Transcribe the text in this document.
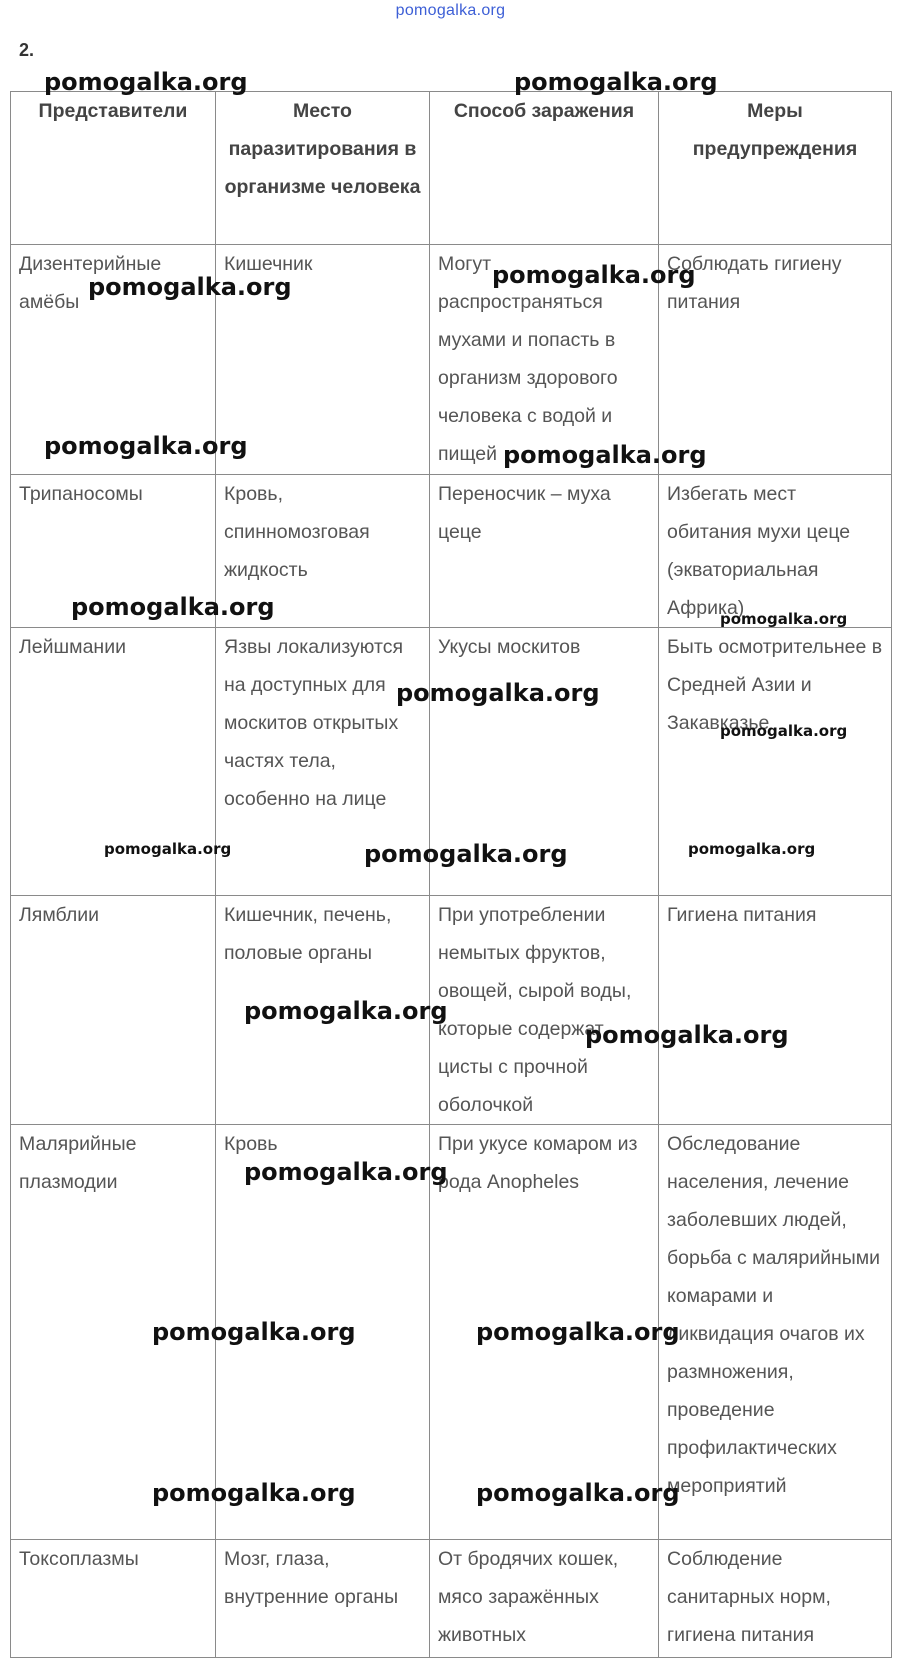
pomogalka.org
2.
Представители	Место паразитирования в организме человека	Способ заражения	Меры предупреждения
Дизентерийные амёбы	Кишечник	Могут распространяться мухами и попасть в организм здорового человека с водой и пищей	Соблюдать гигиену питания
Трипаносомы	Кровь, спинномозговая жидкость	Переносчик – муха цеце	Избегать мест обитания мухи цеце (экваториальная Африка)
Лейшмании	Язвы локализуются на доступных для москитов открытых частях тела, особенно на лице	Укусы москитов	Быть осмотрительнее в Средней Азии и Закавказье
Лямблии	Кишечник, печень, половые органы	При употреблении немытых фруктов, овощей, сырой воды, которые содержат цисты с прочной оболочкой	Гигиена питания
Малярийные плазмодии	Кровь	При укусе комаром из рода Anopheles	Обследование населения, лечение заболевших людей, борьба с малярийными комарами и ликвидация очагов их размножения, проведение профилактических мероприятий
Токсоплазмы	Мозг, глаза, внутренние органы	От бродячих кошек, мясо заражённых животных	Соблюдение санитарных норм, гигиена питания
pomogalka.org	pomogalka.org
pomogalka.org	pomogalka.org
pomogalka.org	pomogalka.org
pomogalka.org	pomogalka.org
pomogalka.org
pomogalka.org
pomogalka.org	pomogalka.org	pomogalka.org
pomogalka.org
pomogalka.org
pomogalka.org
pomogalka.org	pomogalka.org
pomogalka.org	pomogalka.org
